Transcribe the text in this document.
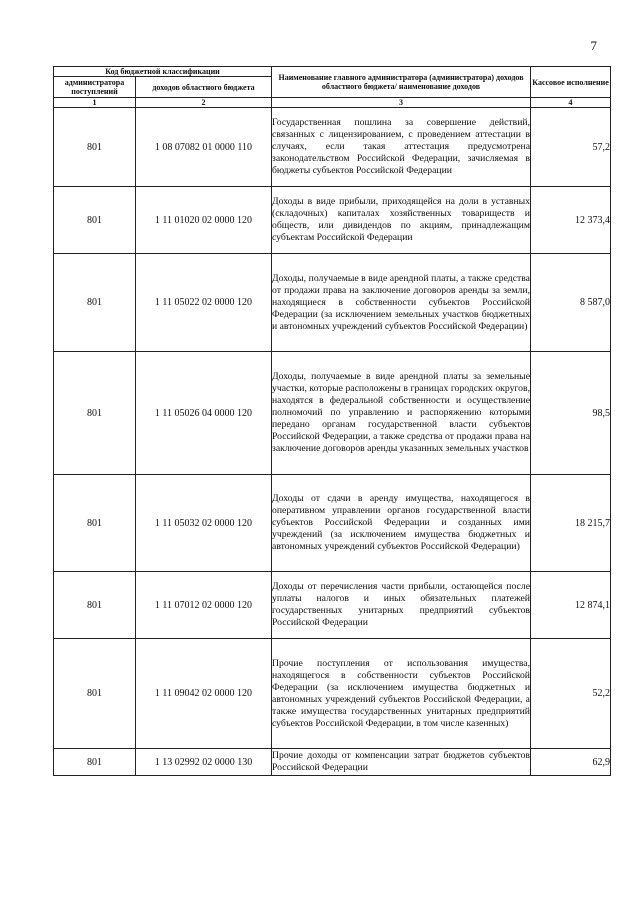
7
Код бюджетной классификации		Наименование главного администратора (администратора) доходов областного бюджета/ наименование доходов	Кассовое исполнение
администратора поступлений	доходов областного бюджета		
1	2	3	4
801	1 08 07082 01 0000 110	Государственная пошлина за совершение действий, связанных с лицензированием, с проведением аттестации в случаях, если такая аттестация предусмотрена законодательством Российской Федерации, зачисляемая в бюджеты субъектов Российской Федерации	57,2
801	1 11 01020 02 0000 120	Доходы в виде прибыли, приходящейся на доли в уставных (складочных) капиталах хозяйственных товариществ и обществ, или дивидендов по акциям, принадлежащим субъектам Российской Федерации	12 373,4
801	1 11 05022 02 0000 120	Доходы, получаемые в виде арендной платы, а также средства от продажи права на заключение договоров аренды за земли, находящиеся в собственности субъектов Российской Федерации (за исключением земельных участков бюджетных и автономных учреждений субъектов Российской Федерации)	8 587,0
801	1 11 05026 04 0000 120	Доходы, получаемые в виде арендной платы за земельные участки, которые расположены в границах городских округов, находятся в федеральной собственности и осуществление полномочий по управлению и распоряжению которыми передано органам государственной власти субъектов Российской Федерации, а также средства от продажи права на заключение договоров аренды указанных земельных участков	98,5
801	1 11 05032 02 0000 120	Доходы от сдачи в аренду имущества, находящегося в оперативном управлении органов государственной власти субъектов Российской Федерации и созданных ими учреждений (за исключением имущества бюджетных и автономных учреждений субъектов Российской Федерации)	18 215,7
801	1 11 07012 02 0000 120	Доходы от перечисления части прибыли, остающейся после уплаты налогов и иных обязательных платежей государственных унитарных предприятий субъектов Российской Федерации	12 874,1
801	1 11 09042 02 0000 120	Прочие поступления от использования имущества, находящегося в собственности субъектов Российской Федерации (за исключением имущества бюджетных и автономных учреждений субъектов Российской Федерации, а также имущества государственных унитарных предприятий субъектов Российской Федерации, в том числе казенных)	52,2
801	1 13 02992 02 0000 130	Прочие доходы от компенсации затрат бюджетов субъектов Российской Федерации	62,9
